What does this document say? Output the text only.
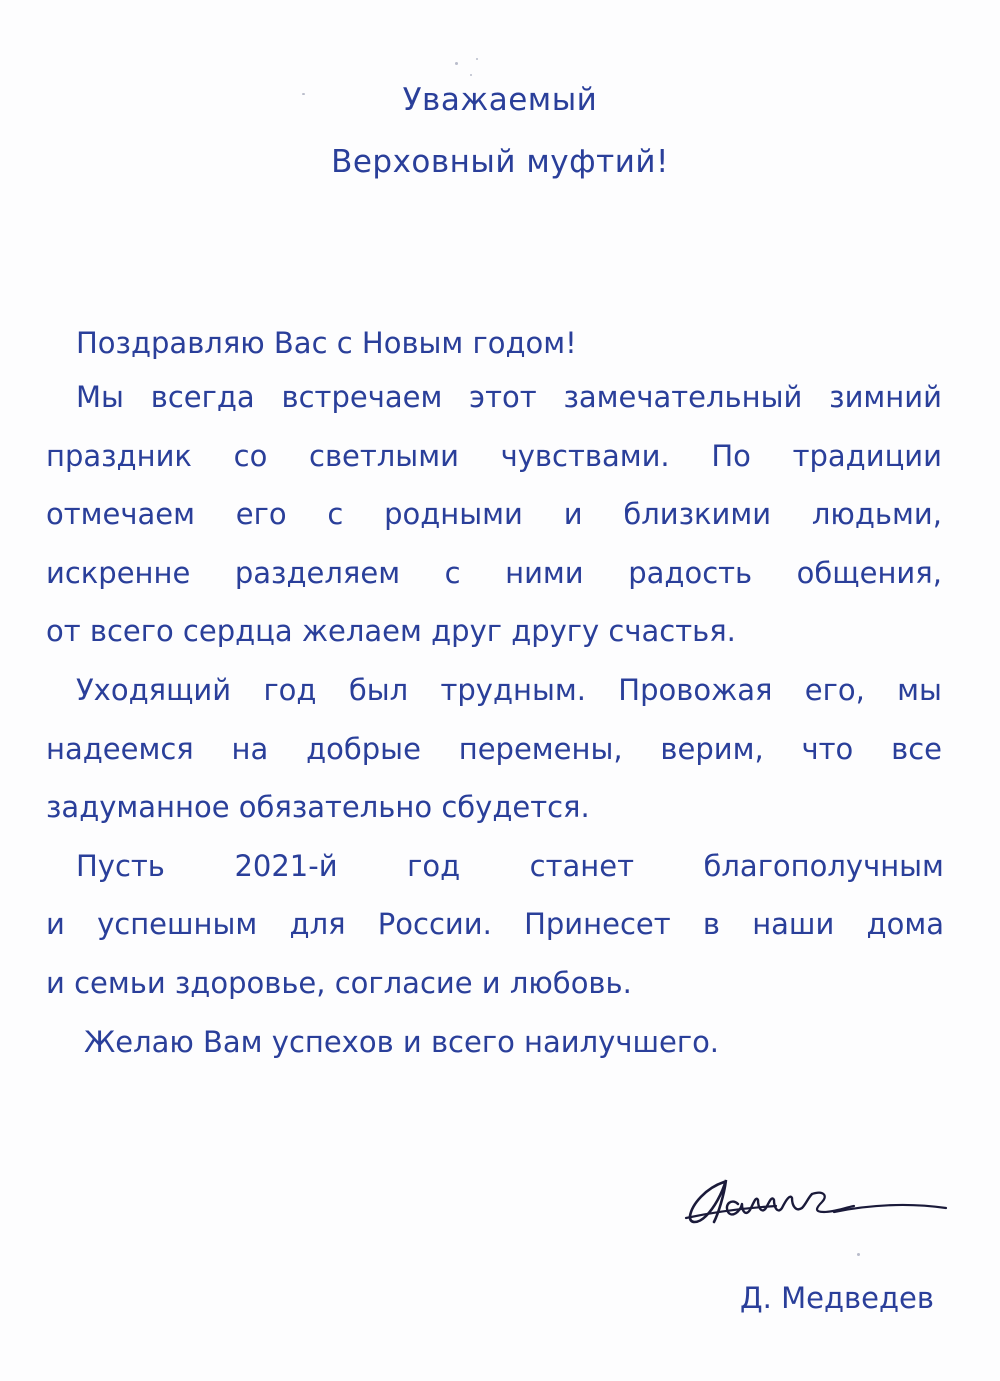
Уважаемый
Верховный муфтий!
Поздравляю Вас с Новым годом!
Мы всегда встречаем этот замечательный зимний
праздник со светлыми чувствами. По традиции
отмечаем его с родными и близкими людьми,
искренне разделяем с ними радость общения,
от всего сердца желаем друг другу счастья.
Уходящий год был трудным. Провожая его, мы
надеемся на добрые перемены, верим, что все
задуманное обязательно сбудется.
Пусть 2021-й год станет благополучным
и успешным для России. Принесет в наши дома
и семьи здоровье, согласие и любовь.
Желаю Вам успехов и всего наилучшего.
Д. Медведев
